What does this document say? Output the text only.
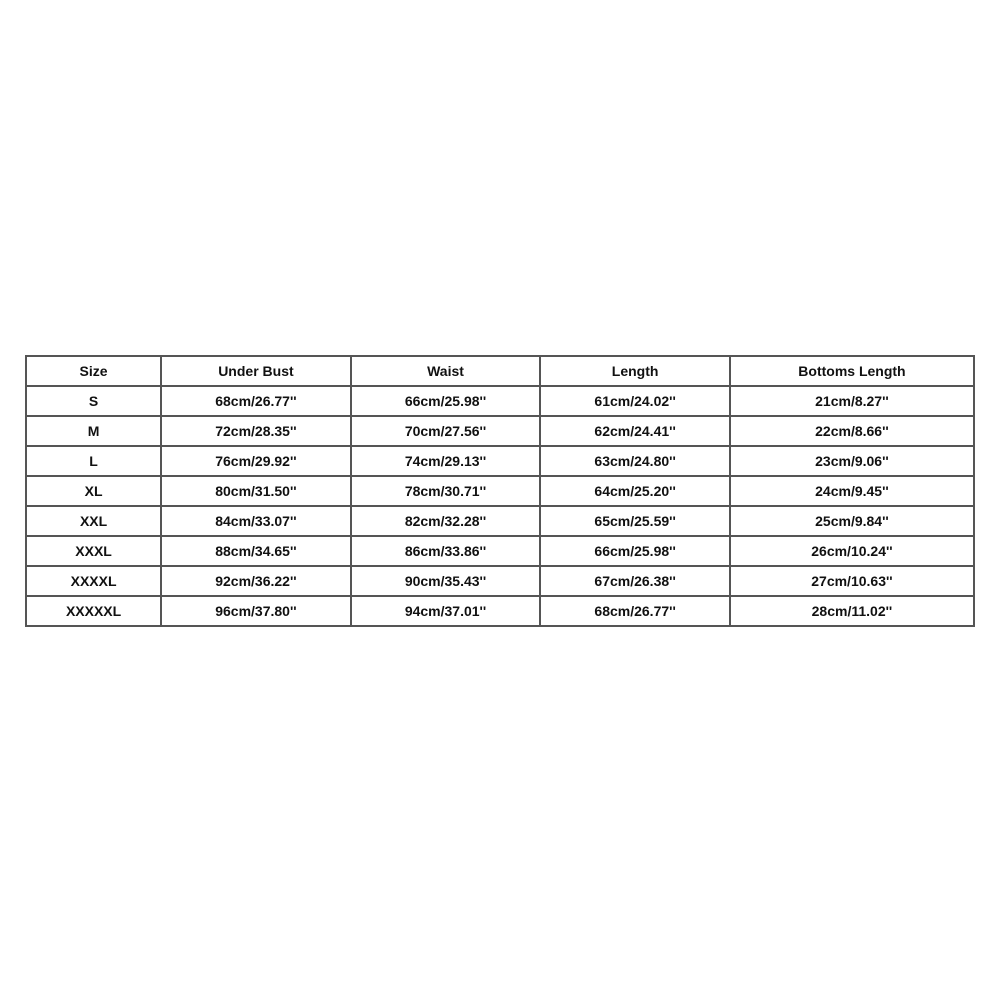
Size	Under Bust	Waist	Length	Bottoms Length
S	68cm/26.77''	66cm/25.98''	61cm/24.02''	21cm/8.27''
M	72cm/28.35''	70cm/27.56''	62cm/24.41''	22cm/8.66''
L	76cm/29.92''	74cm/29.13''	63cm/24.80''	23cm/9.06''
XL	80cm/31.50''	78cm/30.71''	64cm/25.20''	24cm/9.45''
XXL	84cm/33.07''	82cm/32.28''	65cm/25.59''	25cm/9.84''
XXXL	88cm/34.65''	86cm/33.86''	66cm/25.98''	26cm/10.24''
XXXXL	92cm/36.22''	90cm/35.43''	67cm/26.38''	27cm/10.63''
XXXXXL	96cm/37.80''	94cm/37.01''	68cm/26.77''	28cm/11.02''
